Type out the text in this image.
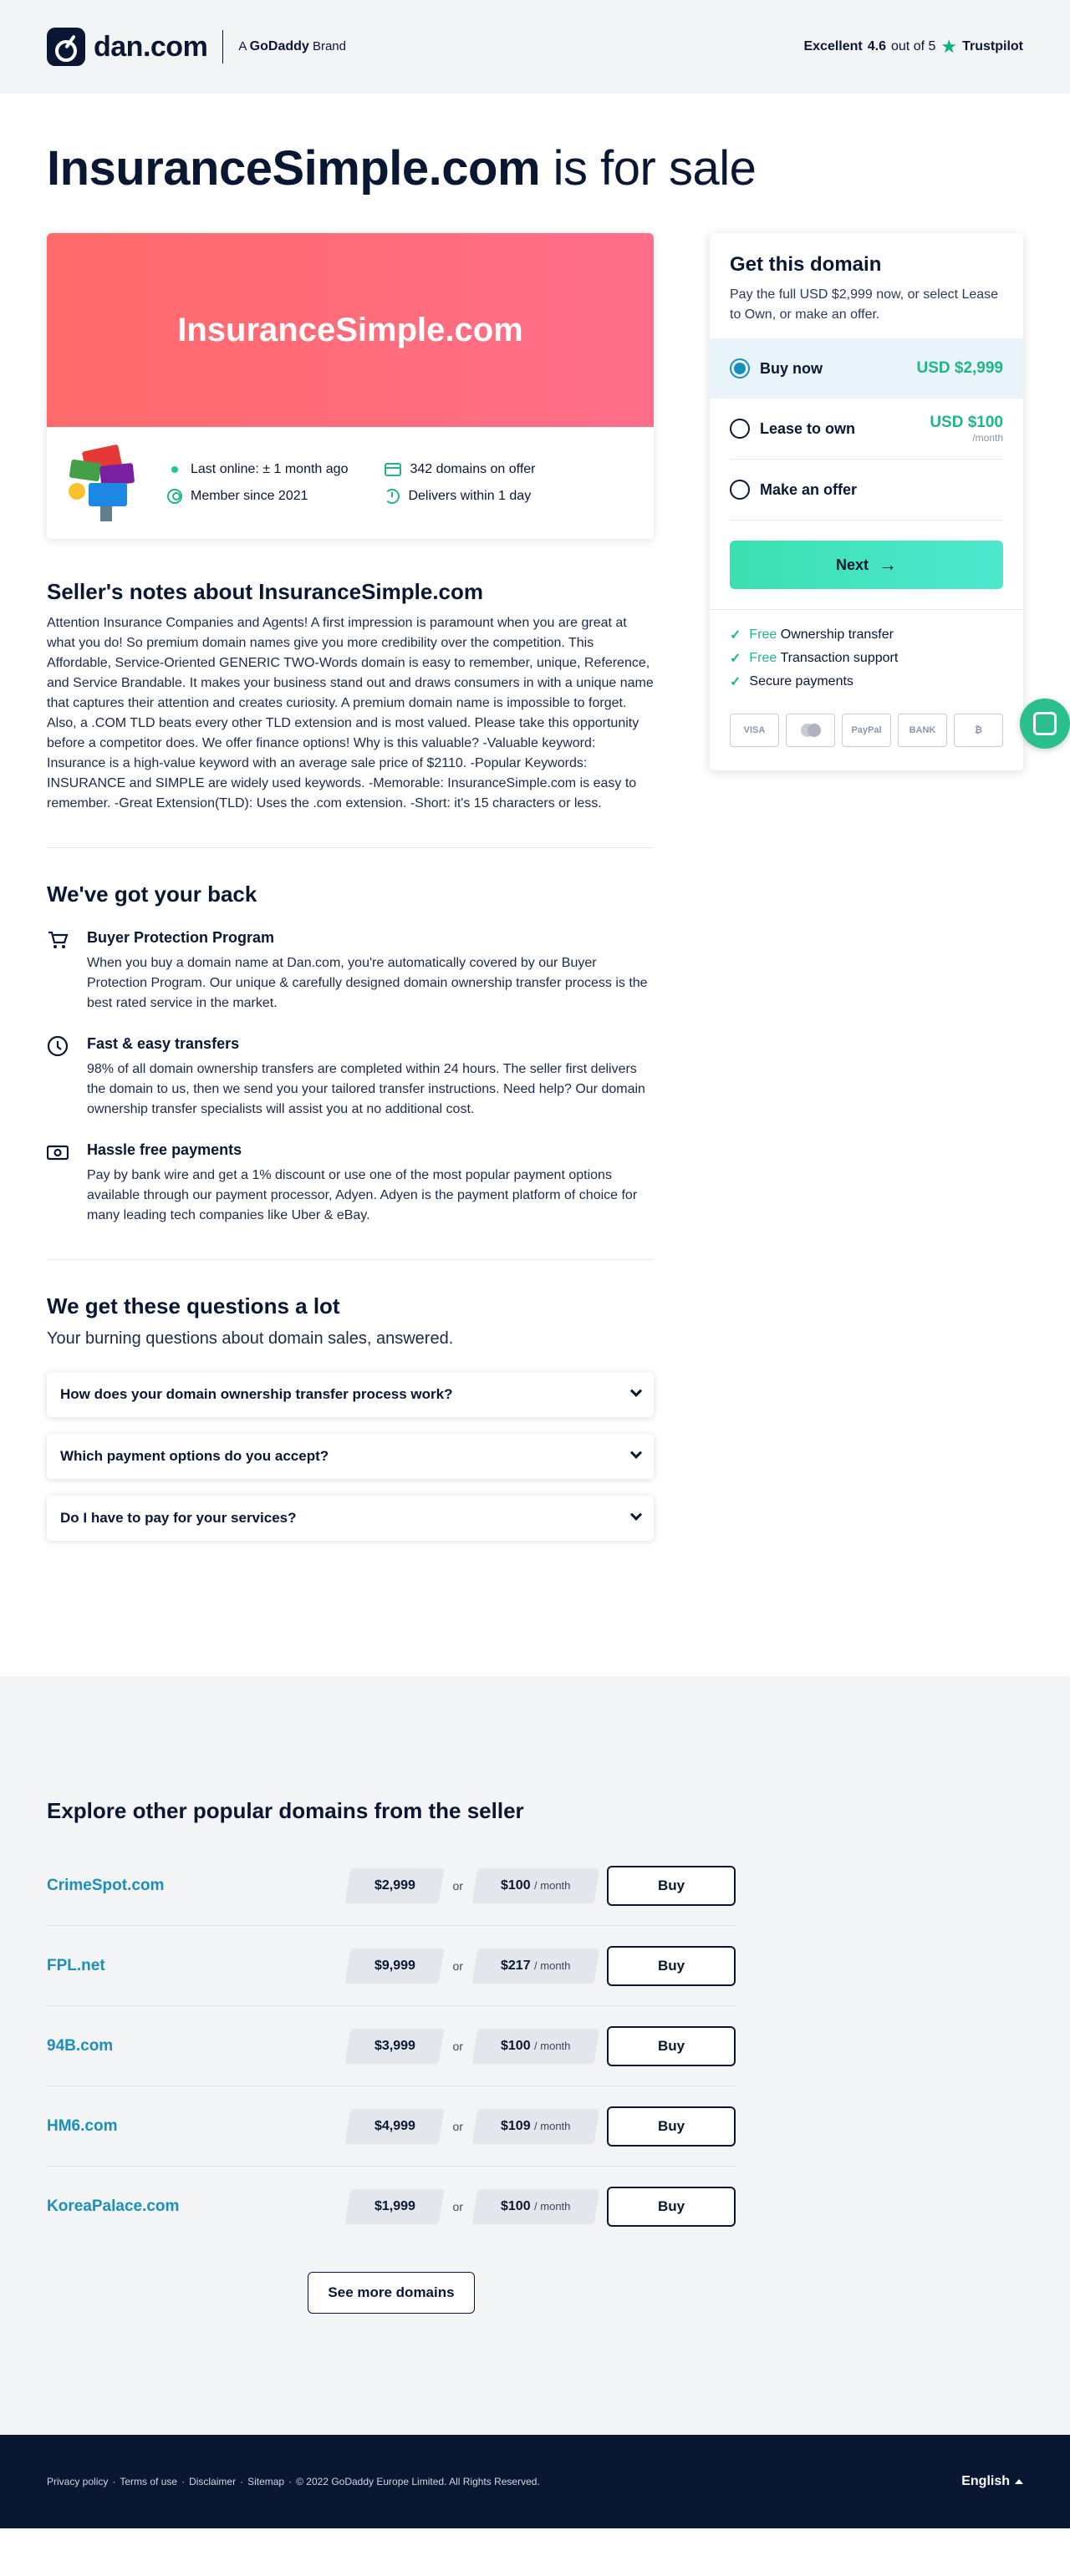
dan.com A GoDaddy Brand	Excellent 4.6 out of 5 ★ Trustpilot
InsuranceSimple.com is for sale
InsuranceSimple.com
Last online: ± 1 month ago
Member since 2021
342 domains on offer
Delivers within 1 day
Seller's notes about InsuranceSimple.com

Attention Insurance Companies and Agents! A first impression is paramount when you are great at what you do! So premium domain names give you more credibility over the competition. This Affordable, Service-Oriented GENERIC TWO-Words domain is easy to remember, unique, Reference, and Service Brandable. It makes your business stand out and draws consumers in with a unique name that captures their attention and creates curiosity. A premium domain name is impossible to forget. Also, a .COM TLD beats every other TLD extension and is most valued. Please take this opportunity before a competitor does. We offer finance options! Why is this valuable? -Valuable keyword: Insurance is a high-value keyword with an average sale price of $2110. -Popular Keywords: INSURANCE and SIMPLE are widely used keywords. -Memorable: InsuranceSimple.com is easy to remember. -Great Extension(TLD): Uses the .com extension. -Short: it's 15 characters or less.

We've got your back
Buyer Protection Program

When you buy a domain name at Dan.com, you're automatically covered by our Buyer Protection Program. Our unique & carefully designed domain ownership transfer process is the best rated service in the market.

Fast & easy transfers

98% of all domain ownership transfers are completed within 24 hours. The seller first delivers the domain to us, then we send you your tailored transfer instructions. Need help? Our domain ownership transfer specialists will assist you at no additional cost.

Hassle free payments

Pay by bank wire and get a 1% discount or use one of the most popular payment options available through our payment processor, Adyen. Adyen is the payment platform of choice for many leading tech companies like Uber & eBay.

We get these questions a lot

Your burning questions about domain sales, answered.

How does your domain ownership transfer process work?
Which payment options do you accept?
Do I have to pay for your services?
Get this domain

Pay the full USD $2,999 now, or select Lease to Own, or make an offer.

Buy now	USD $2,999
Lease to own	USD $100
/month
Make an offer
Next →
✓ Free Ownership transfer
✓ Free Transaction support
✓ Secure payments
VISA	PayPal	BANK	₿
Explore other popular domains from the seller
CrimeSpot.com	$2,999	or	$100 / month	Buy
FPL.net	$9,999	or	$217 / month	Buy
94B.com	$3,999	or	$100 / month	Buy
HM6.com	$4,999	or	$109 / month	Buy
KoreaPalace.com	$1,999	or	$100 / month	Buy
See more domains
Privacy policy · Terms of use · Disclaimer · Sitemap · © 2022 GoDaddy Europe Limited. All Rights Reserved.	English
